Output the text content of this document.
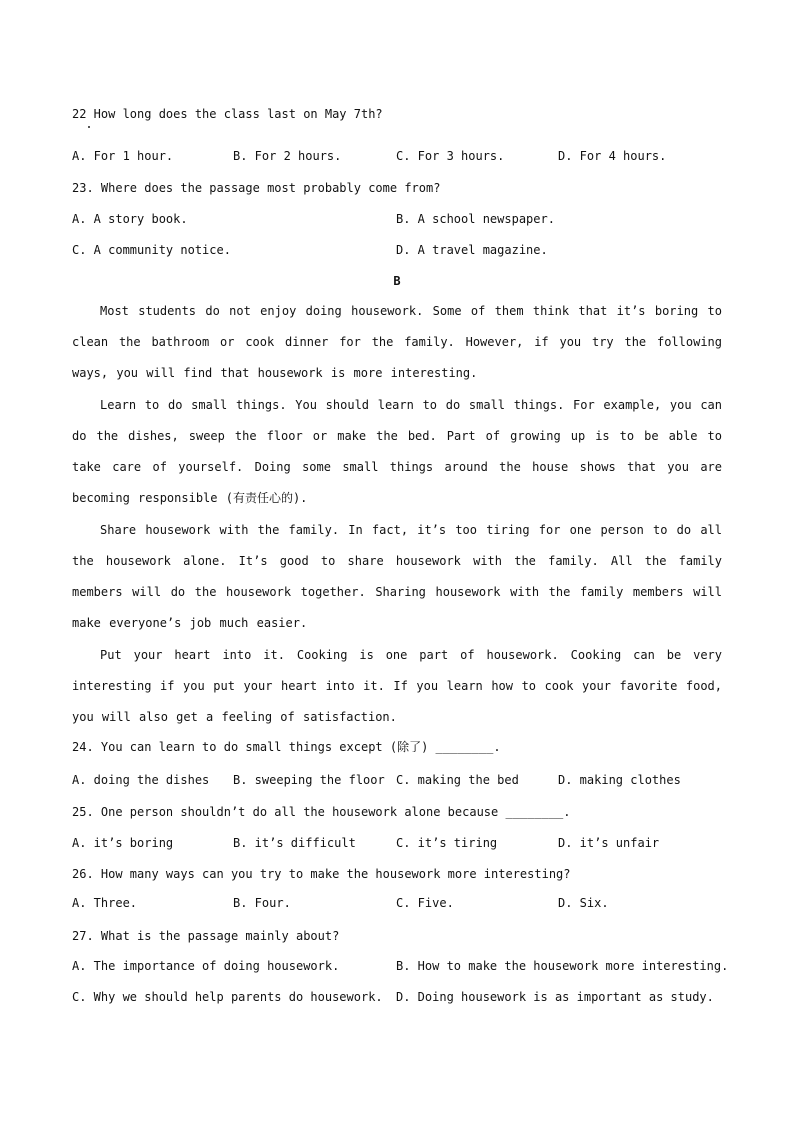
22 How long does the class last on May 7th?
A. For 1 hour.	B. For 2 hours.	C. For 3 hours.	D. For 4 hours.
23. Where does the passage most probably come from?
A. A story book.	B. A school newspaper.
C. A community notice.	D. A travel magazine.
B
Most students do not enjoy doing housework. Some of them think that it’s boring to clean the bathroom or cook dinner for the family. However, if you try the following ways, you will find that housework is more interesting.
Learn to do small things. You should learn to do small things. For example, you can do the dishes, sweep the floor or make the bed. Part of growing up is to be able to take care of yourself. Doing some small things around the house shows that you are becoming responsible (有责任心的).
Share housework with the family. In fact, it’s too tiring for one person to do all the housework alone. It’s good to share housework with the family. All the family members will do the housework together. Sharing housework with the family members will make everyone’s job much easier.
Put your heart into it. Cooking is one part of housework. Cooking can be very interesting if you put your heart into it. If you learn how to cook your favorite food, you will also get a feeling of satisfaction.
24. You can learn to do small things except (除了) ________.
A. doing the dishes B. sweeping the floor C. making the bed	D. making clothes
25. One person shouldn’t do all the housework alone because ________.
A. it’s boring	B. it’s difficult	C. it’s tiring	D. it’s unfair
26. How many ways can you try to make the housework more interesting?
A. Three.	B. Four.	C. Five.	D. Six.
27. What is the passage mainly about?
A. The importance of doing housework.	B. How to make the housework more interesting.
C. Why we should help parents do housework. D. Doing housework is as important as study.
